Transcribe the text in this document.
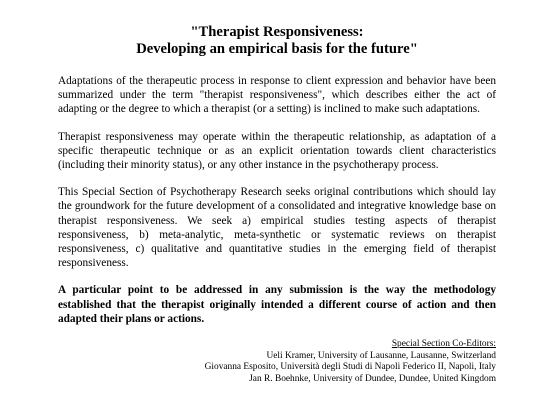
"Therapist Responsiveness:
Developing an empirical basis for the future"

Adaptations of the therapeutic process in response to client expression and behavior have been summarized under the term "therapist responsiveness", which describes either the act of adapting or the degree to which a therapist (or a setting) is inclined to make such adaptations.

Therapist responsiveness may operate within the therapeutic relationship, as adaptation of a specific therapeutic technique or as an explicit orientation towards client characteristics (including their minority status), or any other instance in the psychotherapy process.

This Special Section of Psychotherapy Research seeks original contributions which should lay the groundwork for the future development of a consolidated and integrative knowledge base on therapist responsiveness. We seek a) empirical studies testing aspects of therapist responsiveness, b) meta-analytic, meta-synthetic or systematic reviews on therapist responsiveness, c) qualitative and quantitative studies in the emerging field of therapist responsiveness.

A particular point to be addressed in any submission is the way the methodology established that the therapist originally intended a different course of action and then adapted their plans or actions.

Special Section Co-Editors:
Ueli Kramer, University of Lausanne, Lausanne, Switzerland
Giovanna Esposito, Università degli Studi di Napoli Federico II, Napoli, Italy
Jan R. Boehnke, University of Dundee, Dundee, United Kingdom
